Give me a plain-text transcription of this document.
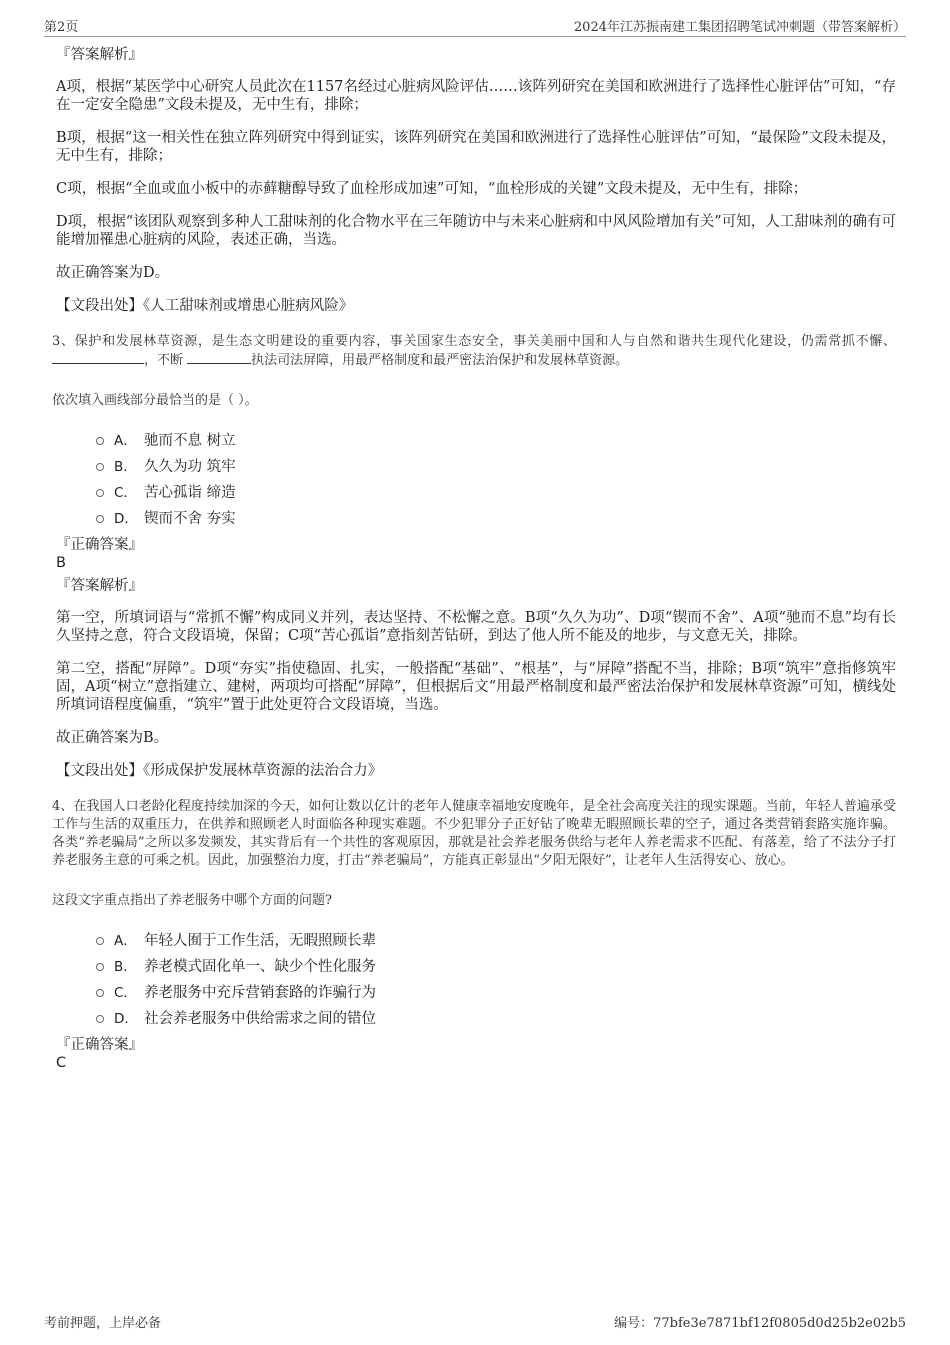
第2页	2024年江苏振南建工集团招聘笔试冲刺题（带答案解析）
『答案解析』

A项，根据“某医学中心研究人员此次在1157名经过心脏病风险评估……该阵列研究在美国和欧洲进行了选择性心脏评估”可知，“存在一定安全隐患”文段未提及，无中生有，排除；

B项，根据“这一相关性在独立阵列研究中得到证实，该阵列研究在美国和欧洲进行了选择性心脏评估”可知，“最保险”文段未提及，无中生有，排除；

C项，根据“全血或血小板中的赤藓糖醇导致了血栓形成加速”可知，“血栓形成的关键”文段未提及，无中生有，排除；

D项，根据“该团队观察到多种人工甜味剂的化合物水平在三年随访中与未来心脏病和中风风险增加有关”可知，人工甜味剂的确有可能增加罹患心脏病的风险，表述正确，当选。

故正确答案为D。

【文段出处】《人工甜味剂或增患心脏病风险》

3、保护和发展林草资源，是生态文明建设的重要内容，事关国家生态安全，事关美丽中国和人与自然和谐共生现代化建设，仍需常抓不懈、，不断	执法司法屏障，用最严格制度和最严密法治保护和发展林草资源。

依次填入画线部分最恰当的是（ ）。

A． 驰而不息 树立
B． 久久为功 筑牢
C． 苦心孤诣 缔造
D． 锲而不舍 夯实
『正确答案』
B
『答案解析』

第一空，所填词语与“常抓不懈”构成同义并列，表达坚持、不松懈之意。B项“久久为功”、D项“锲而不舍”、A项“驰而不息”均有长久坚持之意，符合文段语境，保留；C项“苦心孤诣”意指刻苦钻研，到达了他人所不能及的地步，与文意无关，排除。

第二空，搭配“屏障”。D项“夯实”指使稳固、扎实，一般搭配“基础”、“根基”，与“屏障”搭配不当，排除；B项“筑牢”意指修筑牢固，A项“树立”意指建立、建树，两项均可搭配“屏障”，但根据后文“用最严格制度和最严密法治保护和发展林草资源”可知，横线处所填词语程度偏重，“筑牢”置于此处更符合文段语境，当选。

故正确答案为B。

【文段出处】《形成保护发展林草资源的法治合力》

4、在我国人口老龄化程度持续加深的今天，如何让数以亿计的老年人健康幸福地安度晚年，是全社会高度关注的现实课题。当前，年轻人普遍承受工作与生活的双重压力，在供养和照顾老人时面临各种现实难题。不少犯罪分子正好钻了晚辈无暇照顾长辈的空子，通过各类营销套路实施诈骗。各类“养老骗局”之所以多发频发，其实背后有一个共性的客观原因，那就是社会养老服务供给与老年人养老需求不匹配、有落差，给了不法分子打养老服务主意的可乘之机。因此，加强整治力度，打击“养老骗局”，方能真正彰显出“夕阳无限好”，让老年人生活得安心、放心。

这段文字重点指出了养老服务中哪个方面的问题?

A． 年轻人囿于工作生活，无暇照顾长辈
B． 养老模式固化单一、缺少个性化服务
C． 养老服务中充斥营销套路的诈骗行为
D． 社会养老服务中供给需求之间的错位
『正确答案』
C
考前押题，上岸必备	编号：77bfe3e7871bf12f0805d0d25b2e02b5
